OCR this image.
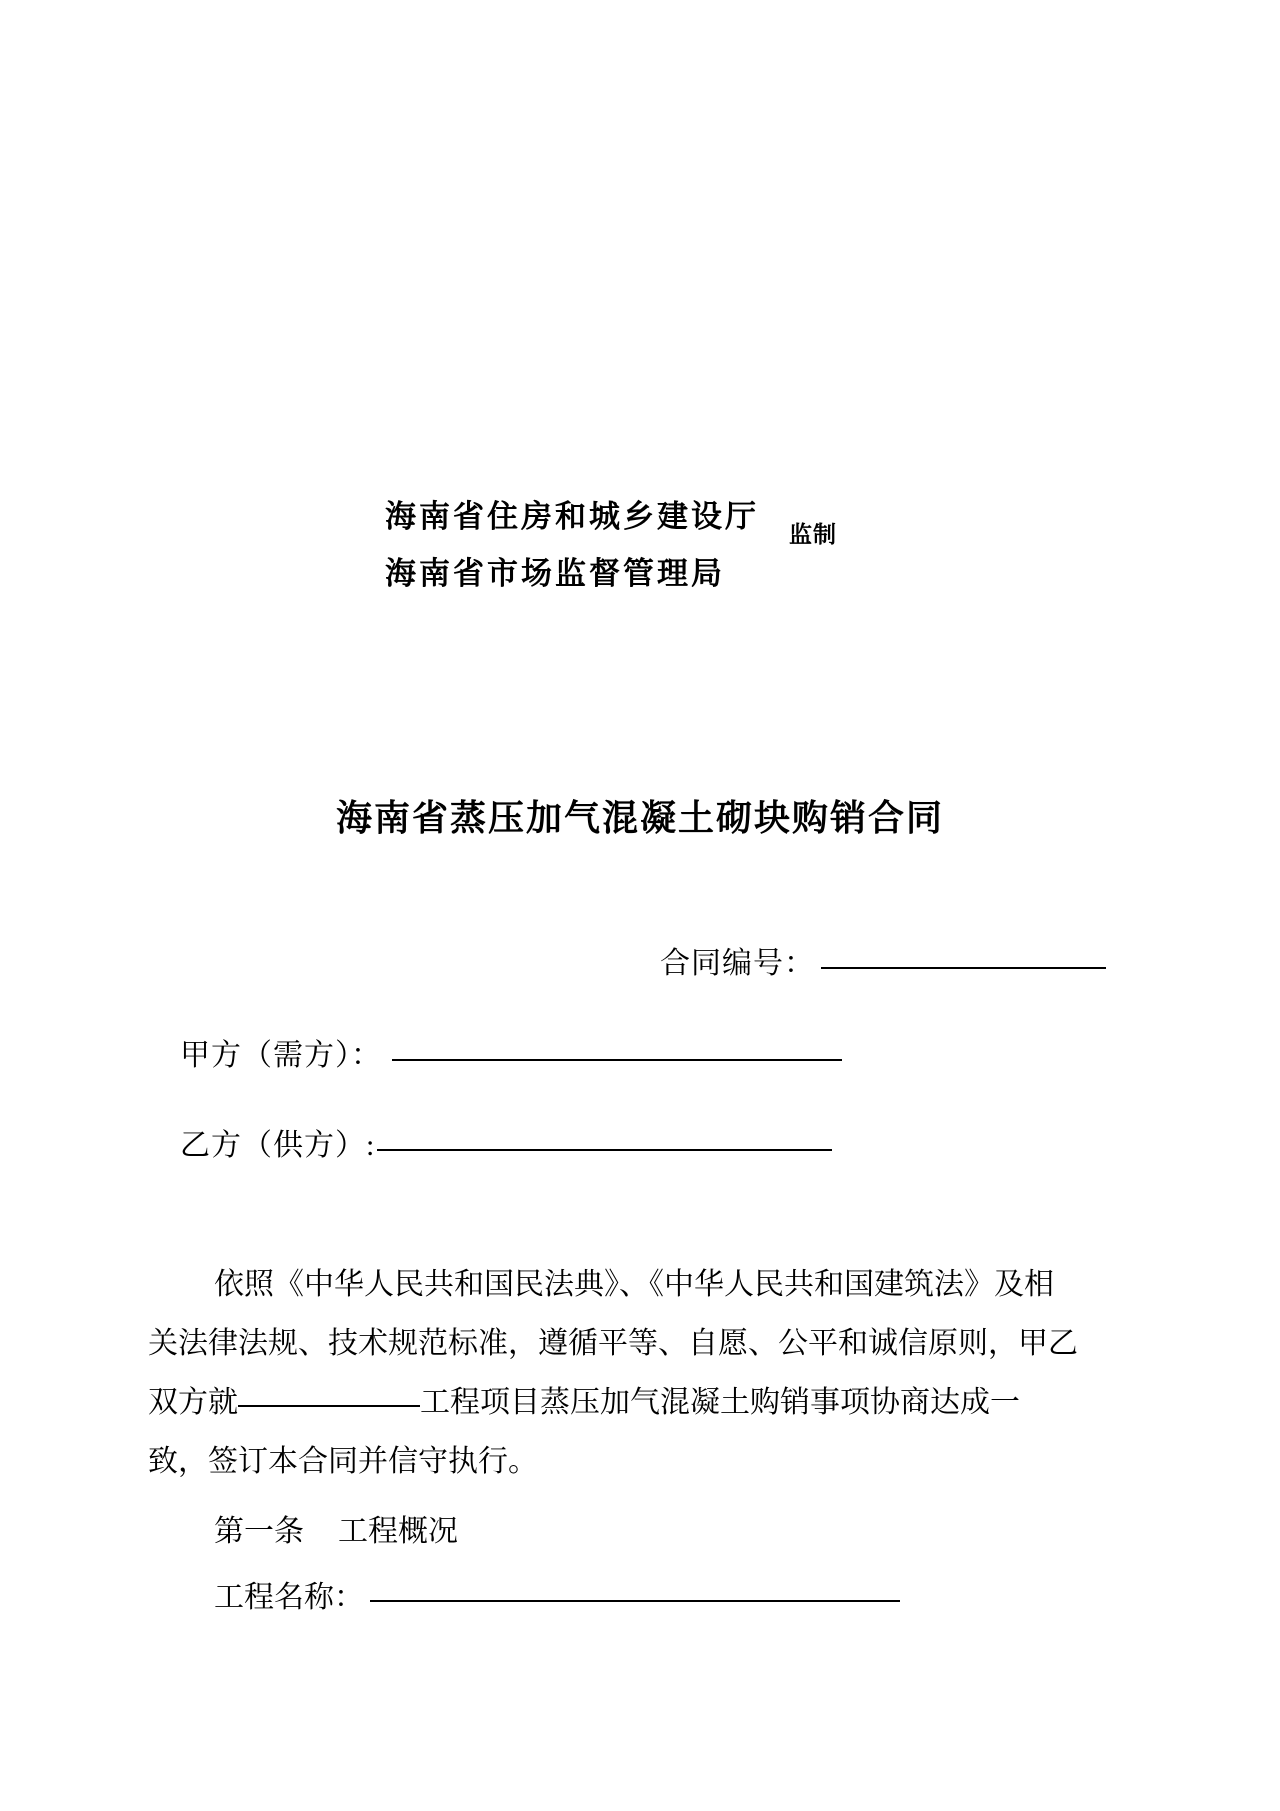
海南省住房和城乡建设厅 监制
海南省市场监督管理局
海南省蒸压加气混凝土砌块购销合同
合同编号：
甲方（需方）：
乙方（供方）:
依照《中华人民共和国民法典》、《中华人民共和国建筑法》及相
关法律法规、技术规范标准，遵循平等、自愿、公平和诚信原则，甲乙
双方就	工程项目蒸压加气混凝土购销事项协商达成一
致，签订本合同并信守执行。
第一条 工程概况
工程名称：
